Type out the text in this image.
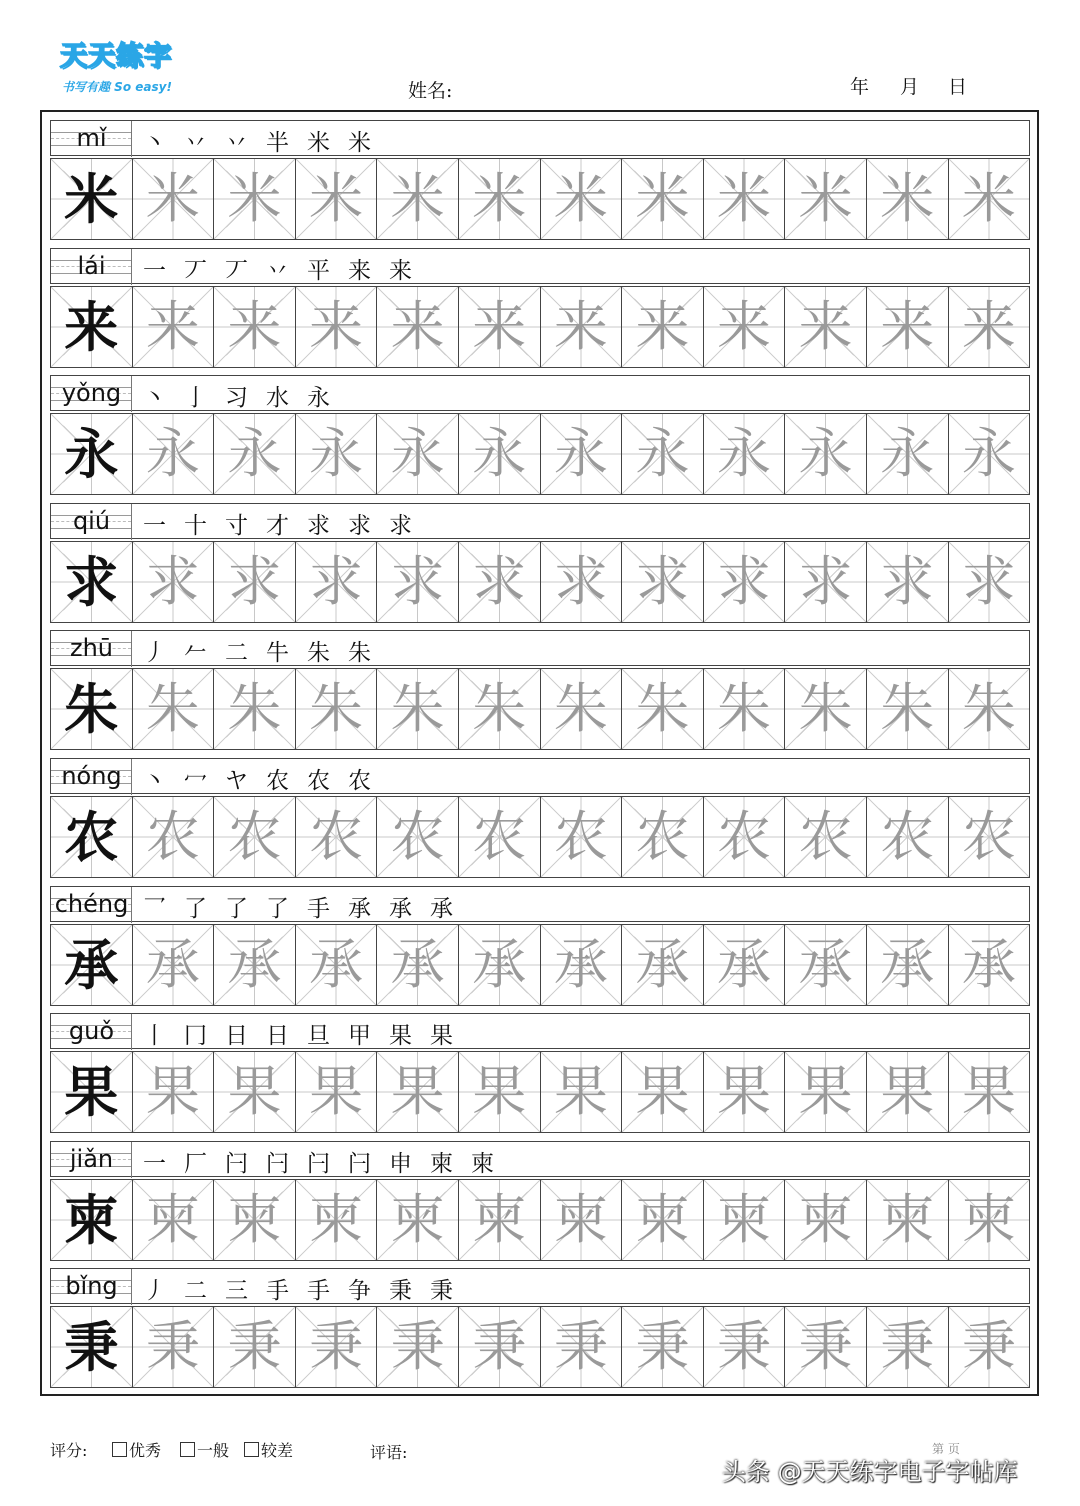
天天练字
书写有趣 So easy!	姓名:	年 月 日
mǐ	丶丷丷半米米
米 米 米 米 米 米 米 米 米 米 米 米
lái	一丆丆丷平来来
来 来 来 来 来 来 来 来 来 来 来 来
yǒng 丶亅习水永
永 永 永 永 永 永 永 永 永 永 永 永
qiú	一十寸才求求求
求 求 求 求 求 求 求 求 求 求 求 求
zhū	丿𠂉二牛朱朱
朱 朱 朱 朱 朱 朱 朱 朱 朱 朱 朱 朱
nóng 丶冖ヤ农农农
农 农 农 农 农 农 农 农 农 农 农 农
chéng 乛了了了手承承承
承 承 承 承 承 承 承 承 承 承 承 承
guǒ	丨冂日日旦甲果果
果 果 果 果 果 果 果 果 果 果 果 果
jiǎn	一厂闩闩闩闩申柬柬
柬 柬 柬 柬 柬 柬 柬 柬 柬 柬 柬 柬
bǐng	丿二三手手争秉秉
秉 秉 秉 秉 秉 秉 秉 秉 秉 秉 秉 秉
评分:	优秀	一般	较差	评语:	第 页
头条 @天天练字电子字帖库
